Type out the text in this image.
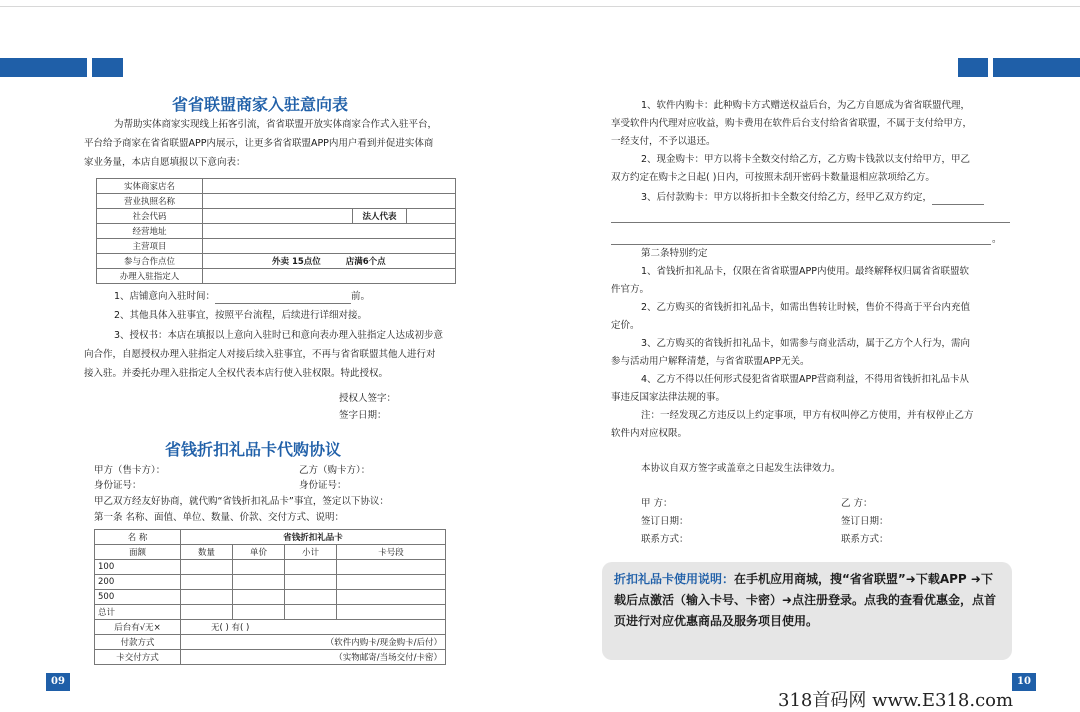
省省联盟商家入驻意向表
为帮助实体商家实现线上拓客引流，省省联盟开放实体商家合作式入驻平台，
平台给予商家在省省联盟APP内展示，让更多省省联盟APP内用户看到并促进实体商
家业务量，本店自愿填报以下意向表：
实体商家店名			
营业执照名称			
社会代码		法人代表	
经营地址			
主营项目			
参与合作点位	外卖 15点位 店满6个点		
办理入驻指定人			
1、店铺意向入驻时间：	前。
2、其他具体入驻事宜，按照平台流程，后续进行详细对接。
3、授权书：本店在填报以上意向入驻时已和意向表办理入驻指定人达成初步意
向合作，自愿授权办理入驻指定人对接后续入驻事宜，不再与省省联盟其他人进行对
接入驻。并委托办理入驻指定人全权代表本店行使入驻权限。特此授权。
授权人签字：
签字日期：
省钱折扣礼品卡代购协议
甲方（售卡方）：	乙方（购卡方）：
身份证号：	身份证号：
甲乙双方经友好协商，就代购“省钱折扣礼品卡”事宜，签定以下协议：
第一条 名称、面值、单位、数量、价款、交付方式、说明：
名 称	省钱折扣礼品卡			
面额	数量	单价	小计	卡号段
100				
200				
500				
总计				
后台有√无×	无( ) 有( )			
付款方式	（软件内购卡/现金购卡/后付）			
卡交付方式	（实物邮寄/当场交付/卡密）			
09
1、软件内购卡：此种购卡方式赠送权益后台，为乙方自愿成为省省联盟代理，
享受软件内代理对应收益，购卡费用在软件后台支付给省省联盟，不属于支付给甲方，
一经支付，不予以退还。
2、现金购卡：甲方以将卡全数交付给乙方，乙方购卡钱款以支付给甲方，甲乙
双方约定在购卡之日起( )日内，可按照未刮开密码卡数量退相应款项给乙方。
3、后付款购卡：甲方以将折扣卡全数交付给乙方，经甲乙双方约定，
。
第二条特别约定
1、省钱折扣礼品卡，仅限在省省联盟APP内使用。最终解释权归属省省联盟软
件官方。
2、乙方购买的省钱折扣礼品卡，如需出售转让时候，售价不得高于平台内充值
定价。
3、乙方购买的省钱折扣礼品卡，如需参与商业活动，属于乙方个人行为，需向
参与活动用户解释清楚，与省省联盟APP无关。
4、乙方不得以任何形式侵犯省省联盟APP营商利益，不得用省钱折扣礼品卡从
事违反国家法律法规的事。
注：一经发现乙方违反以上约定事项，甲方有权叫停乙方使用，并有权停止乙方
软件内对应权限。
本协议自双方签字或盖章之日起发生法律效力。
甲 方：	乙 方：
签订日期：	签订日期：
联系方式：	联系方式：
折扣礼品卡使用说明：在手机应用商城，搜“省省联盟”➜下载APP ➜下载后点激活（输入卡号、卡密）➜点注册登录。点我的查看优惠金，点首页进行对应优惠商品及服务项目使用。
10
318首码网 www.E318.com
